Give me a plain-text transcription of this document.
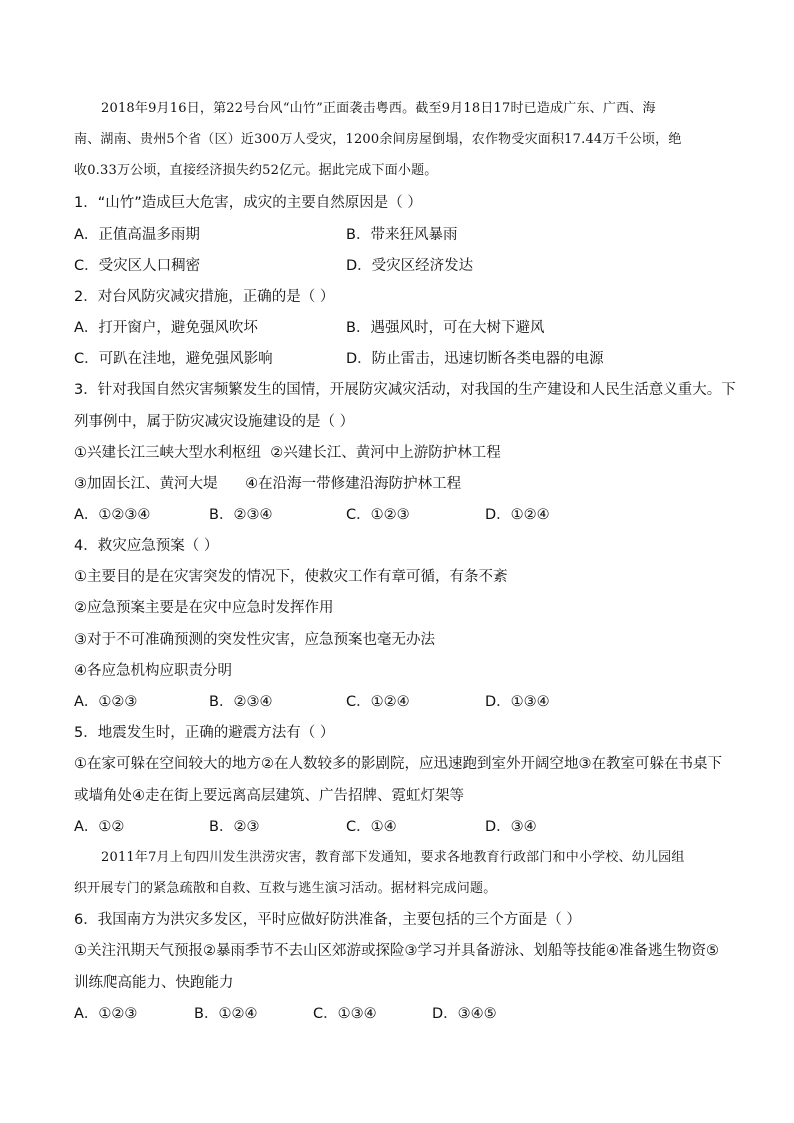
2018年9月16日，第22号台风“山竹”正面袭击粤西。截至9月18日17时已造成广东、广西、海
南、湖南、贵州5个省（区）近300万人受灾，1200余间房屋倒塌，农作物受灾面积17.44万千公顷，绝
收0.33万公顷，直接经济损失约52亿元。据此完成下面小题。
1．“山竹”造成巨大危害，成灾的主要自然原因是（ ）
A．正值高温多雨期	B．带来狂风暴雨
C．受灾区人口稠密	D．受灾区经济发达
2．对台风防灾减灾措施，正确的是（ ）
A．打开窗户，避免强风吹坏	B．遇强风时，可在大树下避风
C．可趴在洼地，避免强风影响	D．防止雷击，迅速切断各类电器的电源
3．针对我国自然灾害频繁发生的国情，开展防灾减灾活动，对我国的生产建设和人民生活意义重大。下
列事例中，属于防灾减灾设施建设的是（ ）
①兴建长江三峡大型水利枢纽  ②兴建长江、黄河中上游防护林工程
③加固长江、黄河大堤      ④在沿海一带修建沿海防护林工程
A．①②③④	B．②③④	C．①②③	D．①②④
4．救灾应急预案（ ）
①主要目的是在灾害突发的情况下，使救灾工作有章可循，有条不紊
②应急预案主要是在灾中应急时发挥作用
③对于不可准确预测的突发性灾害，应急预案也毫无办法
④各应急机构应职责分明
A．①②③	B．②③④	C．①②④	D．①③④
5．地震发生时，正确的避震方法有（ ）
①在家可躲在空间较大的地方②在人数较多的影剧院，应迅速跑到室外开阔空地③在教室可躲在书桌下
或墙角处④走在街上要远离高层建筑、广告招牌、霓虹灯架等
A．①②	B．②③	C．①④	D．③④
2011年7月上旬四川发生洪涝灾害，教育部下发通知，要求各地教育行政部门和中小学校、幼儿园组
织开展专门的紧急疏散和自救、互救与逃生演习活动。据材料完成问题。
6．我国南方为洪灾多发区，平时应做好防洪准备，主要包括的三个方面是（ ）
①关注汛期天气预报②暴雨季节不去山区郊游或探险③学习并具备游泳、划船等技能④准备逃生物资⑤
训练爬高能力、快跑能力
A．①②③	B．①②④	C．①③④	D．③④⑤
